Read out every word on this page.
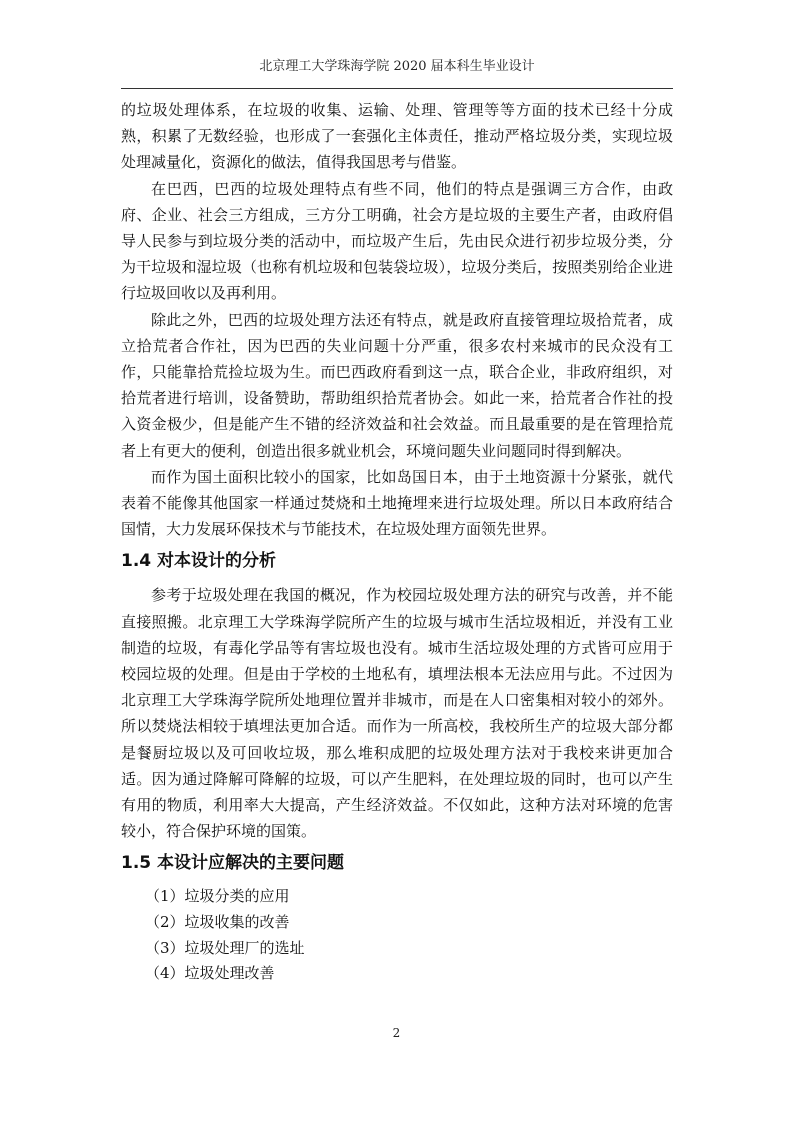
北京理工大学珠海学院 2020 届本科生毕业设计

的垃圾处理体系，在垃圾的收集、运输、处理、管理等等方面的技术已经十分成熟，积累了无数经验，也形成了一套强化主体责任，推动严格垃圾分类，实现垃圾处理减量化，资源化的做法，值得我国思考与借鉴。

在巴西，巴西的垃圾处理特点有些不同，他们的特点是强调三方合作，由政府、企业、社会三方组成，三方分工明确，社会方是垃圾的主要生产者，由政府倡导人民参与到垃圾分类的活动中，而垃圾产生后，先由民众进行初步垃圾分类，分为干垃圾和湿垃圾（也称有机垃圾和包装袋垃圾），垃圾分类后，按照类别给企业进行垃圾回收以及再利用。

除此之外，巴西的垃圾处理方法还有特点，就是政府直接管理垃圾拾荒者，成立拾荒者合作社，因为巴西的失业问题十分严重，很多农村来城市的民众没有工作，只能靠拾荒捡垃圾为生。而巴西政府看到这一点，联合企业，非政府组织，对拾荒者进行培训，设备赞助，帮助组织拾荒者协会。如此一来，拾荒者合作社的投入资金极少，但是能产生不错的经济效益和社会效益。而且最重要的是在管理拾荒者上有更大的便利，创造出很多就业机会，环境问题失业问题同时得到解决。

而作为国土面积比较小的国家，比如岛国日本，由于土地资源十分紧张，就代表着不能像其他国家一样通过焚烧和土地掩埋来进行垃圾处理。所以日本政府结合国情，大力发展环保技术与节能技术，在垃圾处理方面领先世界。

1.4 对本设计的分析

参考于垃圾处理在我国的概况，作为校园垃圾处理方法的研究与改善，并不能直接照搬。北京理工大学珠海学院所产生的垃圾与城市生活垃圾相近，并没有工业制造的垃圾，有毒化学品等有害垃圾也没有。城市生活垃圾处理的方式皆可应用于校园垃圾的处理。但是由于学校的土地私有，填埋法根本无法应用与此。不过因为北京理工大学珠海学院所处地理位置并非城市，而是在人口密集相对较小的郊外。所以焚烧法相较于填埋法更加合适。而作为一所高校，我校所生产的垃圾大部分都是餐厨垃圾以及可回收垃圾，那么堆积成肥的垃圾处理方法对于我校来讲更加合适。因为通过降解可降解的垃圾，可以产生肥料，在处理垃圾的同时，也可以产生有用的物质，利用率大大提高，产生经济效益。不仅如此，这种方法对环境的危害较小，符合保护环境的国策。

1.5 本设计应解决的主要问题

（1）垃圾分类的应用

（2）垃圾收集的改善

（3）垃圾处理厂的选址

（4）垃圾处理改善

2
